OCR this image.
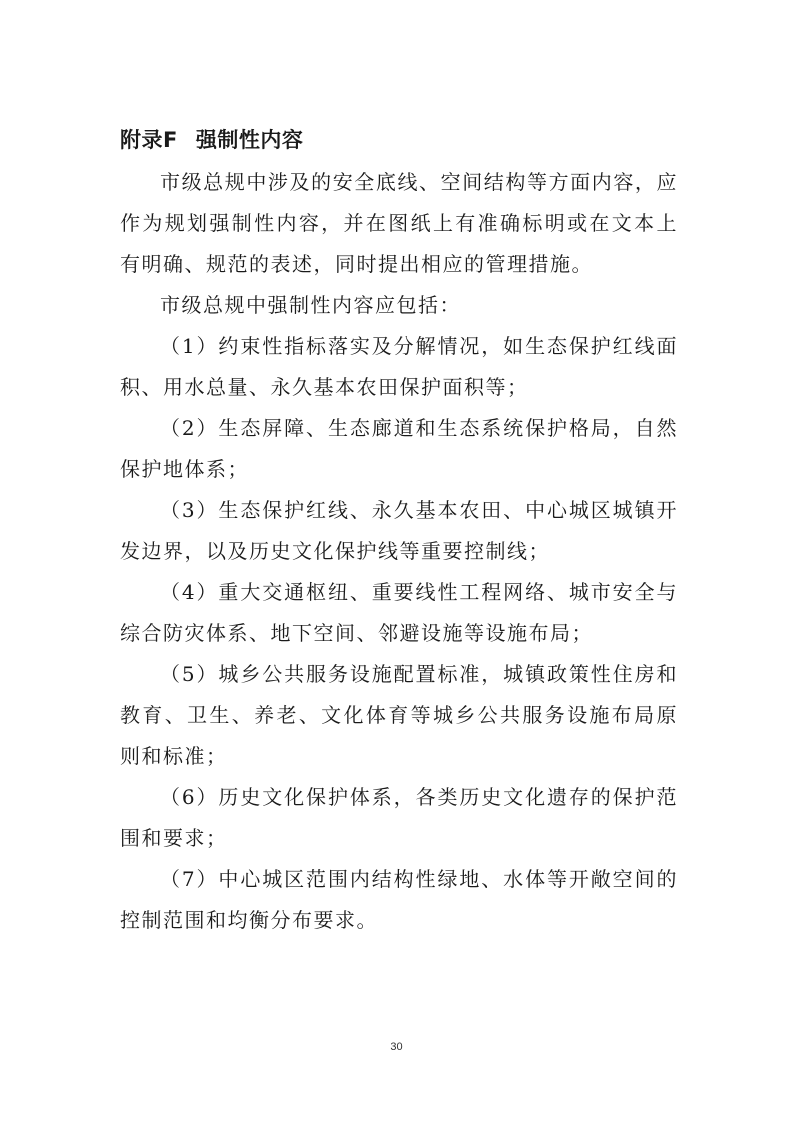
附录F 强制性内容

市级总规中涉及的安全底线、空间结构等方面内容，应作为规划强制性内容，并在图纸上有准确标明或在文本上有明确、规范的表述，同时提出相应的管理措施。

市级总规中强制性内容应包括：

（1）约束性指标落实及分解情况，如生态保护红线面积、用水总量、永久基本农田保护面积等；

（2）生态屏障、生态廊道和生态系统保护格局，自然保护地体系；

（3）生态保护红线、永久基本农田、中心城区城镇开发边界，以及历史文化保护线等重要控制线；

（4）重大交通枢纽、重要线性工程网络、城市安全与综合防灾体系、地下空间、邻避设施等设施布局；

（5）城乡公共服务设施配置标准，城镇政策性住房和教育、卫生、养老、文化体育等城乡公共服务设施布局原则和标准；

（6）历史文化保护体系，各类历史文化遗存的保护范围和要求；

（7）中心城区范围内结构性绿地、水体等开敞空间的控制范围和均衡分布要求。

30
